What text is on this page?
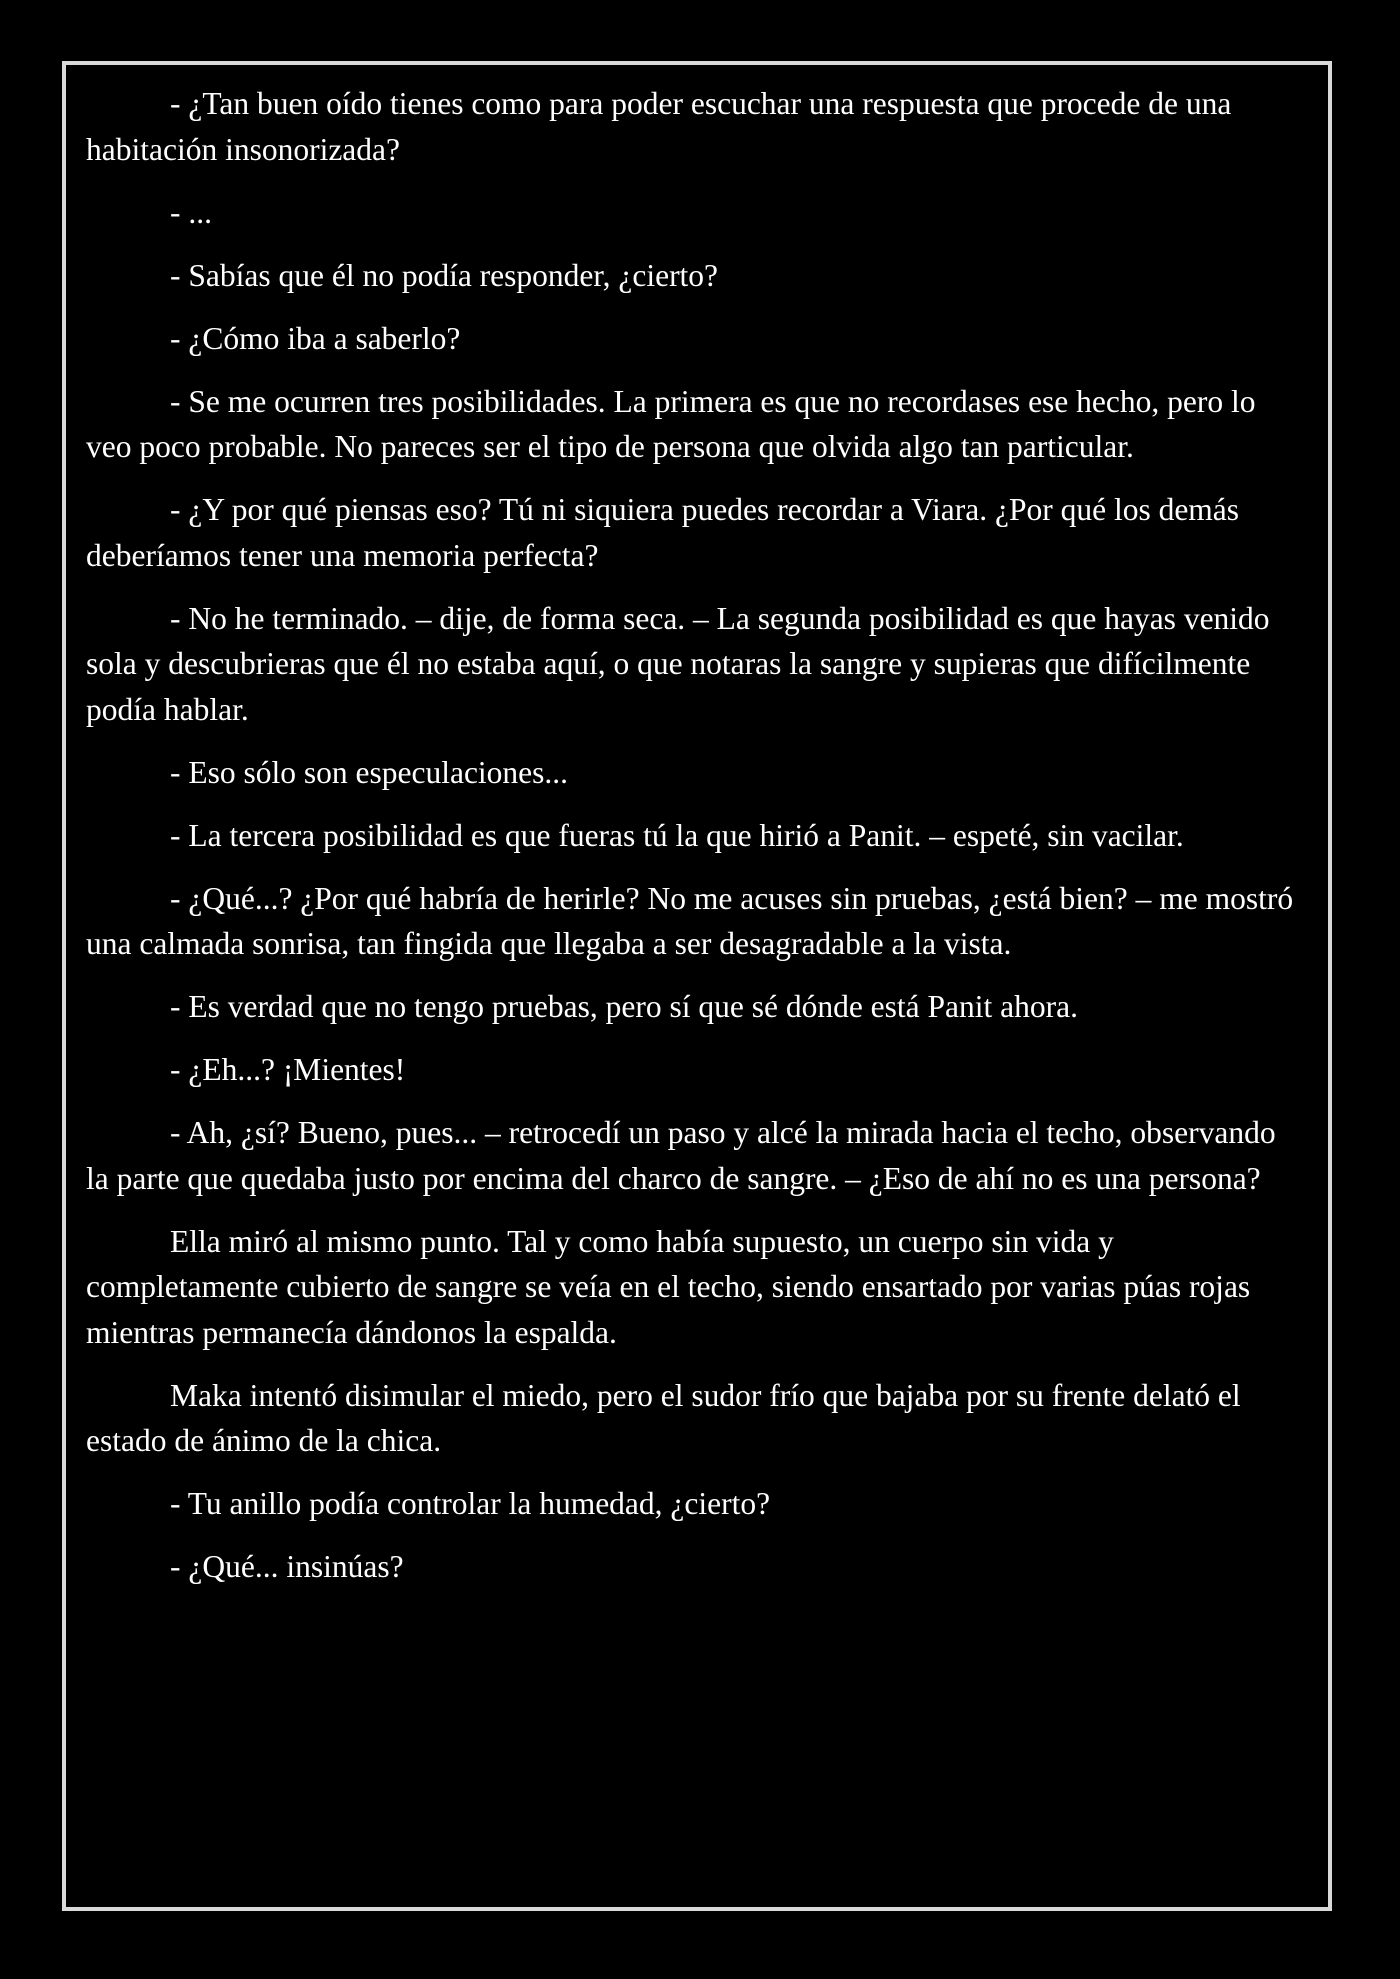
- ¿Tan buen oído tienes como para poder escuchar una respuesta que procede de una habitación insonorizada?

- ...

- Sabías que él no podía responder, ¿cierto?

- ¿Cómo iba a saberlo?

- Se me ocurren tres posibilidades. La primera es que no recordases ese hecho, pero lo veo poco probable. No pareces ser el tipo de persona que olvida algo tan particular.

- ¿Y por qué piensas eso? Tú ni siquiera puedes recordar a Viara. ¿Por qué los demás deberíamos tener una memoria perfecta?

- No he terminado. – dije, de forma seca. – La segunda posibilidad es que hayas venido sola y descubrieras que él no estaba aquí, o que notaras la sangre y supieras que difícilmente podía hablar.

- Eso sólo son especulaciones...

- La tercera posibilidad es que fueras tú la que hirió a Panit. – espeté, sin vacilar.

- ¿Qué...? ¿Por qué habría de herirle? No me acuses sin pruebas, ¿está bien? – me mostró una calmada sonrisa, tan fingida que llegaba a ser desagradable a la vista.

- Es verdad que no tengo pruebas, pero sí que sé dónde está Panit ahora.

- ¿Eh...? ¡Mientes!

- Ah, ¿sí? Bueno, pues... – retrocedí un paso y alcé la mirada hacia el techo, observando la parte que quedaba justo por encima del charco de sangre. – ¿Eso de ahí no es una persona?

Ella miró al mismo punto. Tal y como había supuesto, un cuerpo sin vida y completamente cubierto de sangre se veía en el techo, siendo ensartado por varias púas rojas mientras permanecía dándonos la espalda.

Maka intentó disimular el miedo, pero el sudor frío que bajaba por su frente delató el estado de ánimo de la chica.

- Tu anillo podía controlar la humedad, ¿cierto?

- ¿Qué... insinúas?
